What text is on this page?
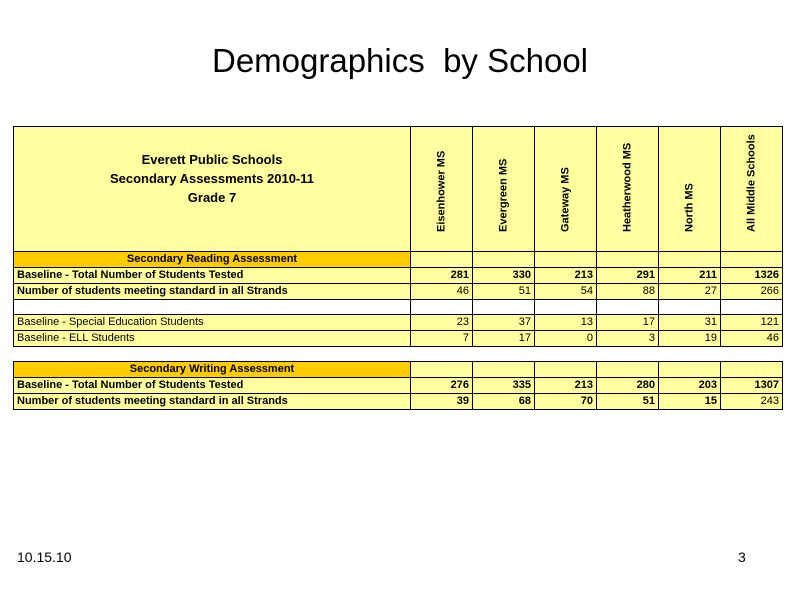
Demographics  by School
Everett Public Schools
Secondary Assessments 2010-11
Grade 7	Eisenhower MS	Evergreen MS	Gateway MS	Heatherwood MS	North MS	All Middle Schools

Secondary Reading Assessment						
Baseline - Total Number of Students Tested	281	330	213	291	211	1326
Number of students meeting standard in all Strands	46	51	54	88	27	266

Baseline - Special Education Students	23	37	13	17	31	121
Baseline - ELL Students	7	17	0	3	19	46

Secondary Writing Assessment						
Baseline - Total Number of Students Tested	276	335	213	280	203	1307
Number of students meeting standard in all Strands	39	68	70	51	15	243
10.15.10	3
